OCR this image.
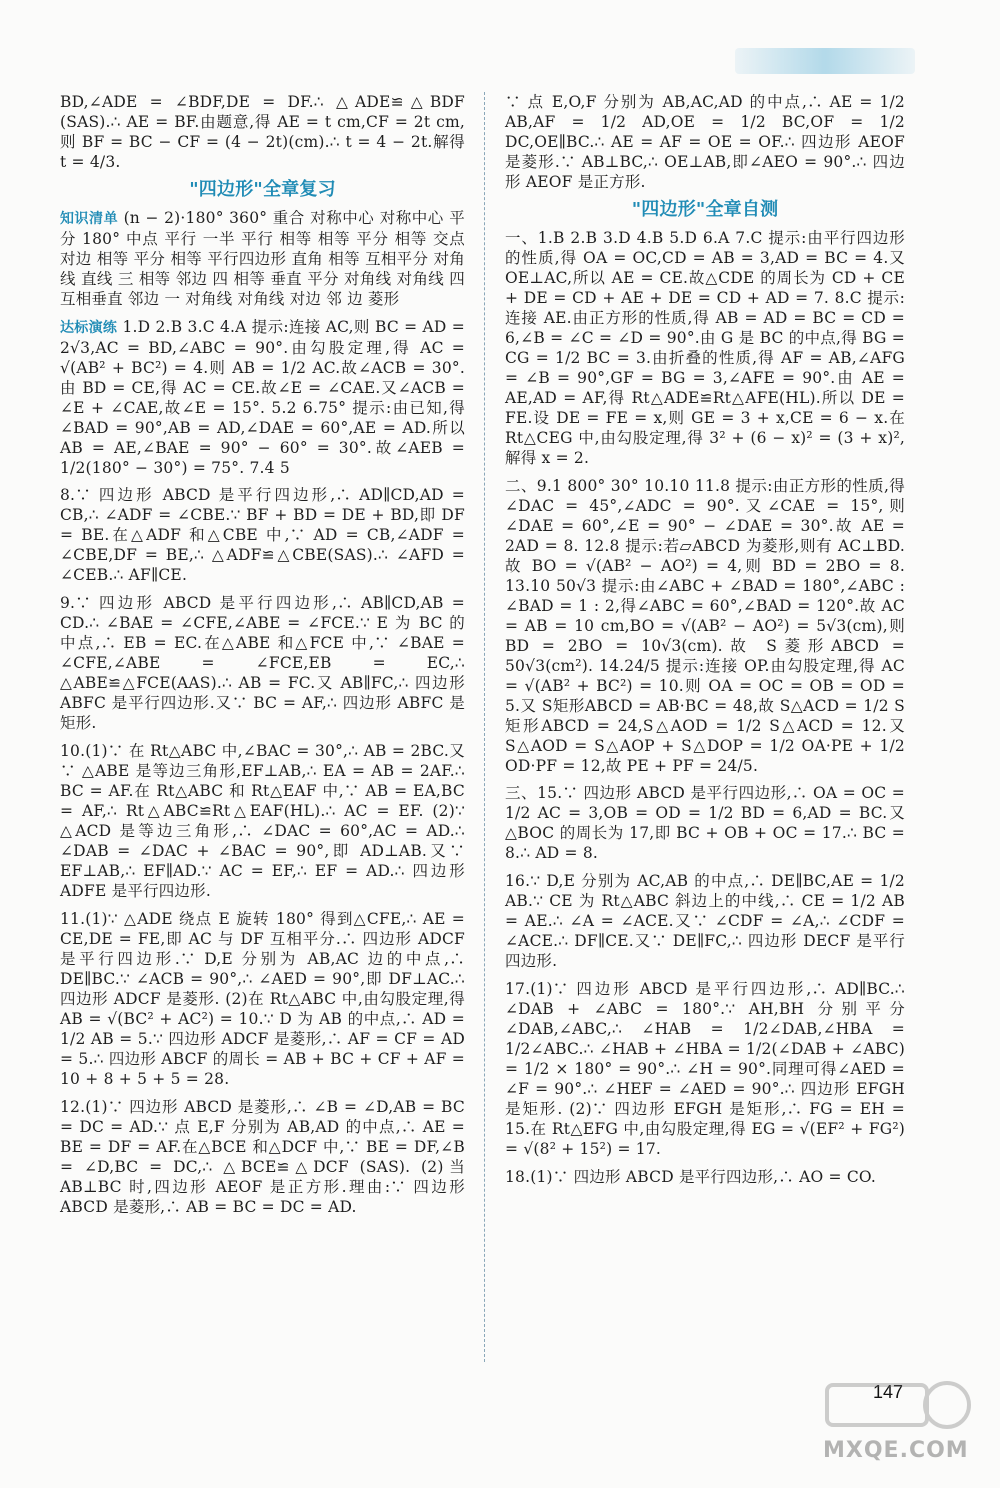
BD,∠ADE = ∠BDF,DE = DF.∴ △ADE≌△BDF (SAS).∴ AE = BF.由题意,得 AE = t cm,CF = 2t cm,则 BF = BC − CF = (4 − 2t)(cm).∴ t = 4 − 2t.解得 t = 4/3.

"四边形"全章复习

知识清单 (n − 2)·180° 360° 重合 对称中心 对称中心 平分 180° 中点 平行 一半 平行 相等 相等 平分 相等 交点 对边 相等 平分 相等 平行四边形 直角 相等 互相平分 对角线 直线 三 相等 邻边 四 相等 垂直 平分 对角线 对角线 四 互相垂直 邻边 一 对角线 对角线 对边 邻 边 菱形

达标演练 1.D 2.B 3.C 4.A 提示:连接 AC,则 BC = AD = 2√3,AC = BD,∠ABC = 90°.由勾股定理,得 AC = √(AB² + BC²) = 4.则 AB = 1/2 AC.故∠ACB = 30°.由 BD = CE,得 AC = CE.故∠E = ∠CAE.又∠ACB = ∠E + ∠CAE,故∠E = 15°. 5.2 6.75° 提示:由已知,得 ∠BAD = 90°,AB = AD,∠DAE = 60°,AE = AD.所以 AB = AE,∠BAE = 90° − 60° = 30°.故∠AEB = 1/2(180° − 30°) = 75°. 7.4 5

8.∵ 四边形 ABCD 是平行四边形,∴ AD∥CD,AD = CB,∴ ∠ADF = ∠CBE.∵ BF + BD = DE + BD,即 DF = BE.在△ADF 和△CBE 中,∵ AD = CB,∠ADF = ∠CBE,DF = BE,∴ △ADF≌△CBE(SAS).∴ ∠AFD = ∠CEB.∴ AF∥CE.

9.∵ 四边形 ABCD 是平行四边形,∴ AB∥CD,AB = CD.∴ ∠BAE = ∠CFE,∠ABE = ∠FCE.∵ E 为 BC 的中点,∴ EB = EC.在△ABE 和△FCE 中,∵ ∠BAE = ∠CFE,∠ABE = ∠FCE,EB = EC,∴ △ABE≌△FCE(AAS).∴ AB = FC.又 AB∥FC,∴ 四边形 ABFC 是平行四边形.又∵ BC = AF,∴ 四边形 ABFC 是矩形.

10.(1)∵ 在 Rt△ABC 中,∠BAC = 30°,∴ AB = 2BC.又∵ △ABE 是等边三角形,EF⊥AB,∴ EA = AB = 2AF.∴ BC = AF.在 Rt△ABC 和 Rt△EAF 中,∵ AB = EA,BC = AF,∴ Rt△ABC≌Rt△EAF(HL).∴ AC = EF. (2)∵ △ACD 是等边三角形,∴ ∠DAC = 60°,AC = AD.∴ ∠DAB = ∠DAC + ∠BAC = 90°,即 AD⊥AB.又∵ EF⊥AB,∴ EF∥AD.∵ AC = EF,∴ EF = AD.∴ 四边形 ADFE 是平行四边形.

11.(1)∵ △ADE 绕点 E 旋转 180° 得到△CFE,∴ AE = CE,DE = FE,即 AC 与 DF 互相平分.∴ 四边形 ADCF 是平行四边形.∵ D,E 分别为 AB,AC 边的中点,∴ DE∥BC.∵ ∠ACB = 90°,∴ ∠AED = 90°,即 DF⊥AC.∴ 四边形 ADCF 是菱形. (2)在 Rt△ABC 中,由勾股定理,得 AB = √(BC² + AC²) = 10.∵ D 为 AB 的中点,∴ AD = 1/2 AB = 5.∵ 四边形 ADCF 是菱形,∴ AF = CF = AD = 5.∴ 四边形 ABCF 的周长 = AB + BC + CF + AF = 10 + 8 + 5 + 5 = 28.

12.(1)∵ 四边形 ABCD 是菱形,∴ ∠B = ∠D,AB = BC = DC = AD.∵ 点 E,F 分别为 AB,AD 的中点,∴ AE = BE = DF = AF.在△BCE 和△DCF 中,∵ BE = DF,∠B = ∠D,BC = DC,∴ △BCE≌△DCF (SAS). (2)当 AB⊥BC 时,四边形 AEOF 是正方形.理由:∵ 四边形 ABCD 是菱形,∴ AB = BC = DC = AD.

∵ 点 E,O,F 分别为 AB,AC,AD 的中点,∴ AE = 1/2 AB,AF = 1/2 AD,OE = 1/2 BC,OF = 1/2 DC,OE∥BC.∴ AE = AF = OE = OF.∴ 四边形 AEOF 是菱形.∵ AB⊥BC,∴ OE⊥AB,即∠AEO = 90°.∴ 四边形 AEOF 是正方形.

"四边形"全章自测

一、1.B 2.B 3.D 4.B 5.D 6.A 7.C 提示:由平行四边形的性质,得 OA = OC,CD = AB = 3,AD = BC = 4.又 OE⊥AC,所以 AE = CE.故△CDE 的周长为 CD + CE + DE = CD + AE + DE = CD + AD = 7. 8.C 提示:连接 AE.由正方形的性质,得 AB = AD = BC = CD = 6,∠B = ∠C = ∠D = 90°.由 G 是 BC 的中点,得 BG = CG = 1/2 BC = 3.由折叠的性质,得 AF = AB,∠AFG = ∠B = 90°,GF = BG = 3,∠AFE = 90°.由 AE = AE,AD = AF,得 Rt△ADE≌Rt△AFE(HL).所以 DE = FE.设 DE = FE = x,则 GE = 3 + x,CE = 6 − x.在 Rt△CEG 中,由勾股定理,得 3² + (6 − x)² = (3 + x)²,解得 x = 2.

二、9.1 800° 30° 10.10 11.8 提示:由正方形的性质,得∠DAC = 45°,∠ADC = 90°.又∠CAE = 15°,则 ∠DAE = 60°,∠E = 90° − ∠DAE = 30°.故 AE = 2AD = 8. 12.8 提示:若▱ABCD 为菱形,则有 AC⊥BD.故 BO = √(AB² − AO²) = 4,则 BD = 2BO = 8. 13.10 50√3 提示:由∠ABC + ∠BAD = 180°,∠ABC : ∠BAD = 1 : 2,得∠ABC = 60°,∠BAD = 120°.故 AC = AB = 10 cm,BO = √(AB² − AO²) = 5√3(cm),则 BD = 2BO = 10√3(cm).故 S菱形ABCD = 50√3(cm²). 14.24/5 提示:连接 OP.由勾股定理,得 AC = √(AB² + BC²) = 10.则 OA = OC = OB = OD = 5.又 S矩形ABCD = AB·BC = 48,故 S△ACD = 1/2 S矩形ABCD = 24,S△AOD = 1/2 S△ACD = 12.又 S△AOD = S△AOP + S△DOP = 1/2 OA·PE + 1/2 OD·PF = 12,故 PE + PF = 24/5.

三、15.∵ 四边形 ABCD 是平行四边形,∴ OA = OC = 1/2 AC = 3,OB = OD = 1/2 BD = 6,AD = BC.又△BOC 的周长为 17,即 BC + OB + OC = 17.∴ BC = 8.∴ AD = 8.

16.∵ D,E 分别为 AC,AB 的中点,∴ DE∥BC,AE = 1/2 AB.∵ CE 为 Rt△ABC 斜边上的中线,∴ CE = 1/2 AB = AE.∴ ∠A = ∠ACE.又∵ ∠CDF = ∠A,∴ ∠CDF = ∠ACE.∴ DF∥CE.又∵ DE∥FC,∴ 四边形 DECF 是平行四边形.

17.(1)∵ 四边形 ABCD 是平行四边形,∴ AD∥BC.∴ ∠DAB + ∠ABC = 180°.∵ AH,BH 分别平分∠DAB,∠ABC,∴ ∠HAB = 1/2∠DAB,∠HBA = 1/2∠ABC.∴ ∠HAB + ∠HBA = 1/2(∠DAB + ∠ABC) = 1/2 × 180° = 90°.∴ ∠H = 90°.同理可得∠AED = ∠F = 90°.∴ ∠HEF = ∠AED = 90°.∴ 四边形 EFGH 是矩形. (2)∵ 四边形 EFGH 是矩形,∴ FG = EH = 15.在 Rt△EFG 中,由勾股定理,得 EG = √(EF² + FG²) = √(8² + 15²) = 17.

18.(1)∵ 四边形 ABCD 是平行四边形,∴ AO = CO.

147
MXQE.COM
